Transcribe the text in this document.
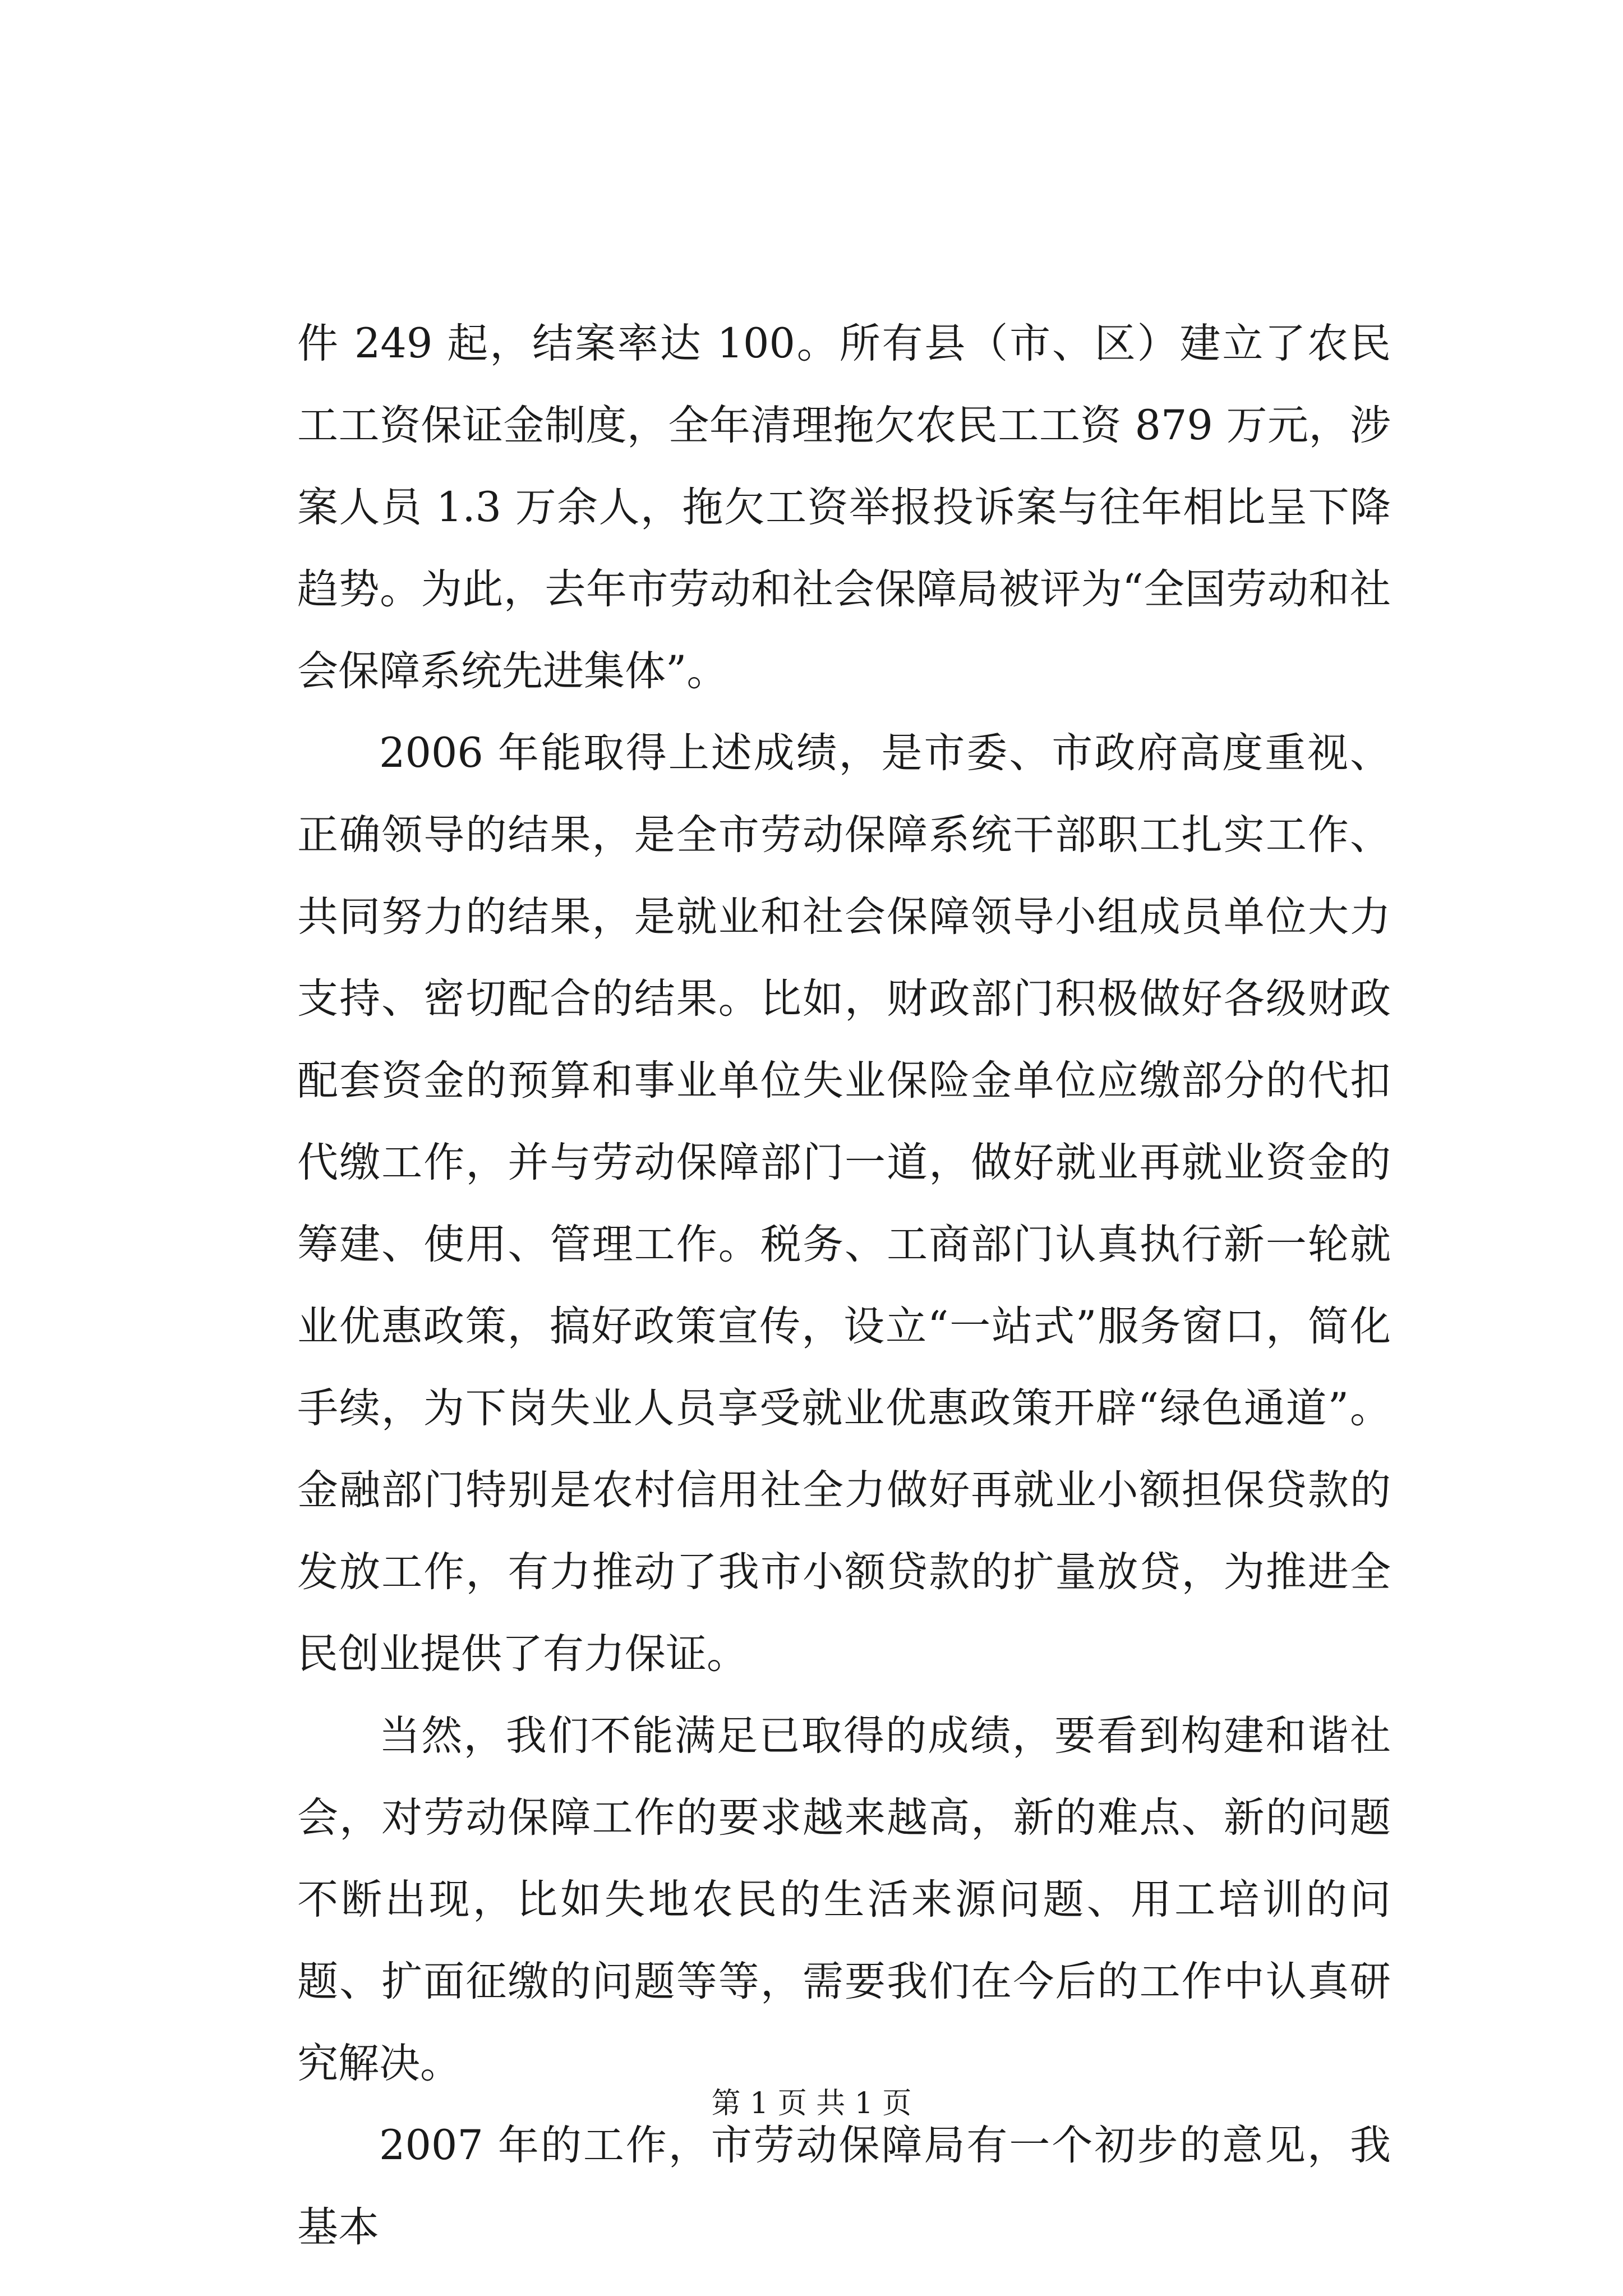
件 249 起，结案率达 100。所有县（市、区）建立了农民工工资保证金制度，全年清理拖欠农民工工资 879 万元，涉案人员 1.3 万余人，拖欠工资举报投诉案与往年相比呈下降趋势。为此，去年市劳动和社会保障局被评为“全国劳动和社会保障系统先进集体”。

2006 年能取得上述成绩，是市委、市政府高度重视、正确领导的结果，是全市劳动保障系统干部职工扎实工作、共同努力的结果，是就业和社会保障领导小组成员单位大力支持、密切配合的结果。比如，财政部门积极做好各级财政配套资金的预算和事业单位失业保险金单位应缴部分的代扣代缴工作，并与劳动保障部门一道，做好就业再就业资金的筹建、使用、管理工作。税务、工商部门认真执行新一轮就业优惠政策，搞好政策宣传，设立“一站式”服务窗口，简化手续，为下岗失业人员享受就业优惠政策开辟“绿色通道”。金融部门特别是农村信用社全力做好再就业小额担保贷款的发放工作，有力推动了我市小额贷款的扩量放贷，为推进全民创业提供了有力保证。

当然，我们不能满足已取得的成绩，要看到构建和谐社会，对劳动保障工作的要求越来越高，新的难点、新的问题不断出现，比如失地农民的生活来源问题、用工培训的问题、扩面征缴的问题等等，需要我们在今后的工作中认真研究解决。

2007 年的工作，市劳动保障局有一个初步的意见，我基本

第 1 页 共 1 页
